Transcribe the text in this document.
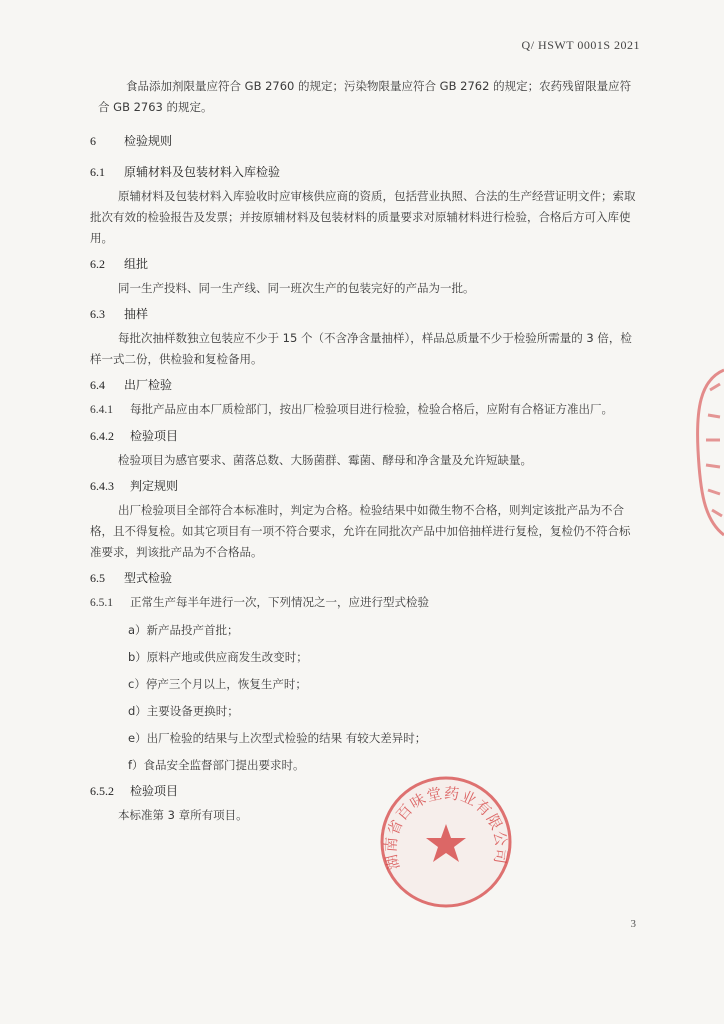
Q/ HSWT 0001S 2021

食品添加剂限量应符合 GB 2760 的规定；污染物限量应符合 GB 2762 的规定；农药残留限量应符合 GB 2763 的规定。

6 检验规则

6.1 原辅材料及包装材料入库检验

原辅材料及包装材料入库验收时应审核供应商的资质，包括营业执照、合法的生产经营证明文件；索取批次有效的检验报告及发票；并按原辅材料及包装材料的质量要求对原辅材料进行检验，合格后方可入库使用。

6.2 组批

同一生产投料、同一生产线、同一班次生产的包装完好的产品为一批。

6.3 抽样

每批次抽样数独立包装应不少于 15 个（不含净含量抽样），样品总质量不少于检验所需量的 3 倍，检样一式二份，供检验和复检备用。

6.4 出厂检验

6.4.1 每批产品应由本厂质检部门，按出厂检验项目进行检验，检验合格后，应附有合格证方准出厂。

6.4.2 检验项目

检验项目为感官要求、菌落总数、大肠菌群、霉菌、酵母和净含量及允许短缺量。

6.4.3 判定规则

出厂检验项目全部符合本标准时，判定为合格。检验结果中如微生物不合格，则判定该批产品为不合格，且不得复检。如其它项目有一项不符合要求，允许在同批次产品中加倍抽样进行复检，复检仍不符合标准要求，判该批产品为不合格品。

6.5 型式检验

6.5.1 正常生产每半年进行一次，下列情况之一，应进行型式检验

a）新产品投产首批；

b）原料产地或供应商发生改变时；

c）停产三个月以上，恢复生产时；

d）主要设备更换时；

e）出厂检验的结果与上次型式检验的结果 有较大差异时；

f）食品安全监督部门提出要求时。

6.5.2 检验项目

本标准第 3 章所有项目。

3
湖南省百味堂药业有限公司
